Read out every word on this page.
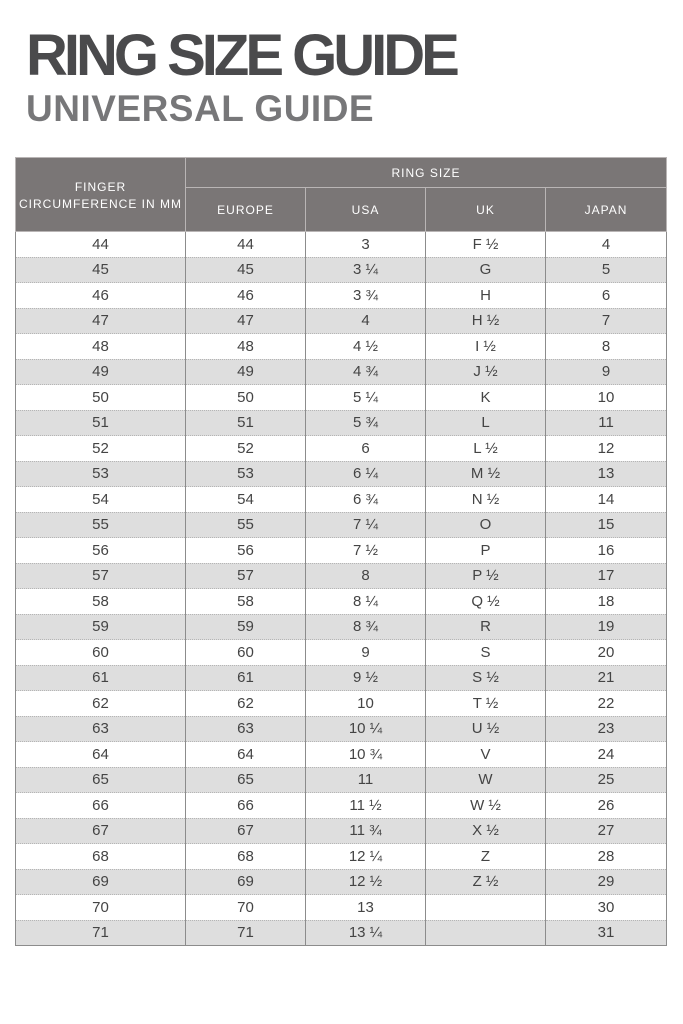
RING SIZE GUIDE
UNIVERSAL GUIDE
FINGER CIRCUMFERENCE IN MM	RING SIZE			
	EUROPE	USA	UK	JAPAN
44	44	3	F ½	4
45	45	3 ¼	G	5
46	46	3 ¾	H	6
47	47	4	H ½	7
48	48	4 ½	I ½	8
49	49	4 ¾	J ½	9
50	50	5 ¼	K	10
51	51	5 ¾	L	11
52	52	6	L ½	12
53	53	6 ¼	M ½	13
54	54	6 ¾	N ½	14
55	55	7 ¼	O	15
56	56	7 ½	P	16
57	57	8	P ½	17
58	58	8 ¼	Q ½	18
59	59	8 ¾	R	19
60	60	9	S	20
61	61	9 ½	S ½	21
62	62	10	T ½	22
63	63	10 ¼	U ½	23
64	64	10 ¾	V	24
65	65	11	W	25
66	66	11 ½	W ½	26
67	67	11 ¾	X ½	27
68	68	12 ¼	Z	28
69	69	12 ½	Z ½	29
70	70	13		30
71	71	13 ¼		31
